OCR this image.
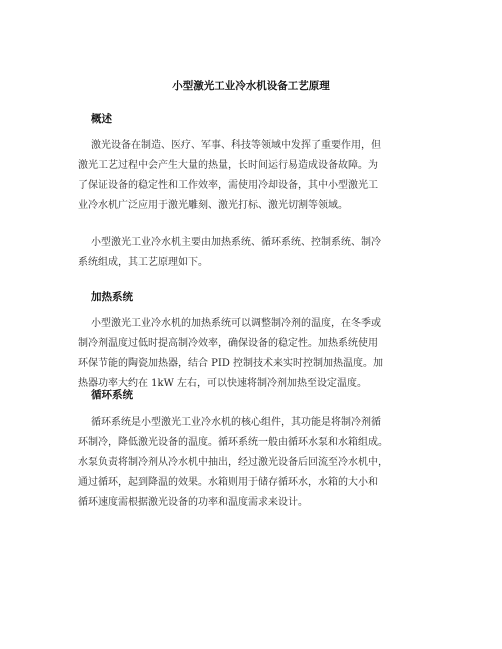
小型激光工业冷水机设备工艺原理
概述
激光设备在制造、医疗、军事、科技等领域中发挥了重要作用，但
激光工艺过程中会产生大量的热量，长时间运行易造成设备故障。为
了保证设备的稳定性和工作效率，需使用冷却设备，其中小型激光工
业冷水机广泛应用于激光雕刻、激光打标、激光切割等领域。
小型激光工业冷水机主要由加热系统、循环系统、控制系统、制冷
系统组成，其工艺原理如下。
加热系统
小型激光工业冷水机的加热系统可以调整制冷剂的温度，在冬季或
制冷剂温度过低时提高制冷效率，确保设备的稳定性。加热系统使用
环保节能的陶瓷加热器，结合 PID 控制技术来实时控制加热温度。加
热器功率大约在 1kW 左右，可以快速将制冷剂加热至设定温度。
循环系统
循环系统是小型激光工业冷水机的核心组件，其功能是将制冷剂循
环制冷，降低激光设备的温度。循环系统一般由循环水泵和水箱组成。
水泵负责将制冷剂从冷水机中抽出，经过激光设备后回流至冷水机中，
通过循环，起到降温的效果。水箱则用于储存循环水，水箱的大小和
循环速度需根据激光设备的功率和温度需求来设计。
